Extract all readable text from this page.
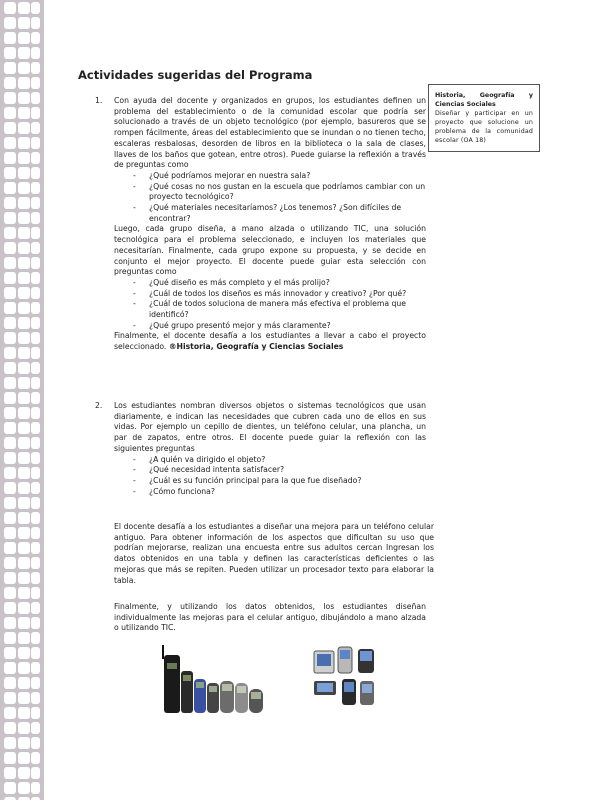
Actividades sugeridas del Programa
Historia, Geografía y Ciencias Sociales
Diseñar y participar en un proyecto que solucione un problema de la comunidad escolar (OA 18)
1. Con ayuda del docente y organizados en grupos, los estudiantes definen un problema del establecimiento o de la comunidad escolar que podría ser solucionado a través de un objeto tecnológico (por ejemplo, basureros que se rompen fácilmente, áreas del establecimiento que se inundan o no tienen techo, escaleras resbalosas, desorden de libros en la biblioteca o la sala de clases, llaves de los baños que gotean, entre otros). Puede guiarse la reflexión a través de preguntas como

- ¿Qué podríamos mejorar en nuestra sala?
- ¿Qué cosas no nos gustan en la escuela que podríamos cambiar con un proyecto tecnológico?
- ¿Qué materiales necesitaríamos? ¿Los tenemos? ¿Son difíciles de encontrar?

Luego, cada grupo diseña, a mano alzada o utilizando TIC, una solución tecnológica para el problema seleccionado, e incluyen los materiales que necesitarían. Finalmente, cada grupo expone su propuesta, y se decide en conjunto el mejor proyecto. El docente puede guiar esta selección con preguntas como

- ¿Qué diseño es más completo y el más prolijo?
- ¿Cuál de todos los diseños es más innovador y creativo? ¿Por qué?
- ¿Cuál de todos soluciona de manera más efectiva el problema que identificó?
- ¿Qué grupo presentó mejor y más claramente?

Finalmente, el docente desafía a los estudiantes a llevar a cabo el proyecto seleccionado. ®Historia, Geografía y Ciencias Sociales

2. Los estudiantes nombran diversos objetos o sistemas tecnológicos que usan diariamente, e indican las necesidades que cubren cada uno de ellos en sus vidas. Por ejemplo un cepillo de dientes, un teléfono celular, una plancha, un par de zapatos, entre otros. El docente puede guiar la reflexión con las siguientes preguntas

- ¿A quién va dirigido el objeto?
- ¿Qué necesidad intenta satisfacer?
- ¿Cuál es su función principal para la que fue diseñado?
- ¿Cómo funciona?

El docente desafía a los estudiantes a diseñar una mejora para un teléfono celular antiguo. Para obtener información de los aspectos que dificultan su uso que podrían mejorarse, realizan una encuesta entre sus adultos cercan Ingresan los datos obtenidos en una tabla y definen las características deficientes o las mejoras que más se repiten. Pueden utilizar un procesador texto para elaborar la tabla.

Finalmente, y utilizando los datos obtenidos, los estudiantes diseñan individualmente las mejoras para el celular antiguo, dibujándolo a mano alzada o utilizando TIC.
